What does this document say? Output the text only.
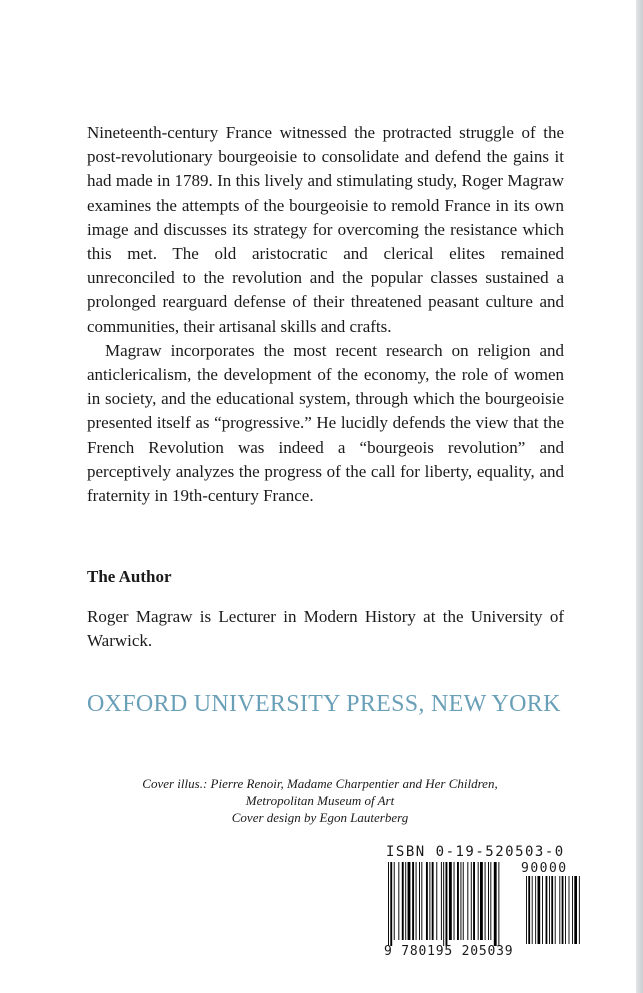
Nineteenth-century France witnessed the protracted struggle of the post-revolutionary bourgeoisie to consolidate and defend the gains it had made in 1789. In this lively and stimulating study, Roger Magraw examines the attempts of the bourgeoisie to remold France in its own image and discusses its strategy for overcoming the resistance which this met. The old aristocratic and clerical elites remained unreconciled to the revolution and the popular classes sustained a prolonged rearguard defense of their threatened peasant culture and communities, their artisanal skills and crafts.

Magraw incorporates the most recent research on religion and anticlericalism, the development of the economy, the role of women in society, and the educational system, through which the bourgeoisie presented itself as “progressive.” He lucidly defends the view that the French Revolution was indeed a “bourgeois revolution” and perceptively analyzes the progress of the call for liberty, equality, and fraternity in 19th-century France.

The Author

Roger Magraw is Lecturer in Modern History at the University of Warwick.

OXFORD UNIVERSITY PRESS, NEW YORK

Cover illus.: Pierre Renoir, Madame Charpentier and Her Children,
Metropolitan Museum of Art
Cover design by Egon Lauterberg
ISBN 0-19-520503-0
90000
9 780195 205039
